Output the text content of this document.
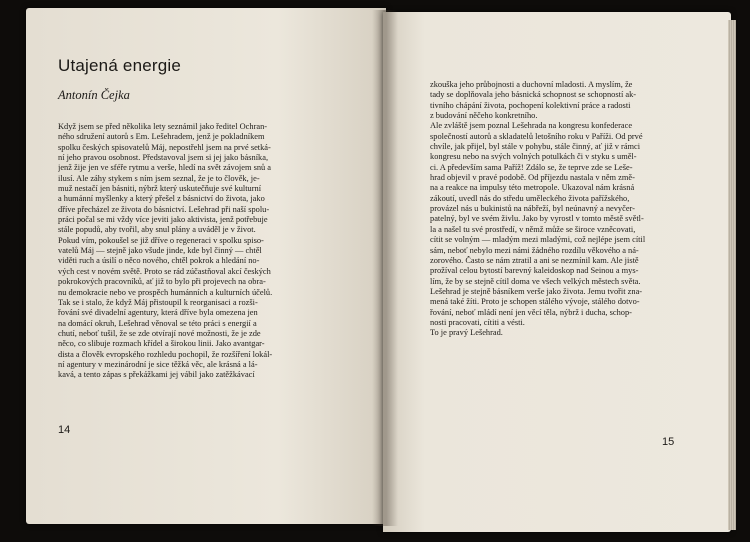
Utajená energie
Antonín Čejka
Když jsem se před několika lety seznámil jako ředitel Ochran-
ného sdružení autorů s Em. Lešehradem, jenž je pokladníkem
spolku českých spisovatelů Máj, nepostřehl jsem na prvé setká-
ní jeho pravou osobnost. Představoval jsem si jej jako básníka,
jenž žije jen ve sféře rytmu a verše, hledí na svět závojem snů a
ilusí. Ale záhy stykem s ním jsem seznal, že je to člověk, je-
muž nestačí jen básniti, nýbrž který uskutečňuje své kulturní
a humánní myšlenky a který přešel z básnictví do života, jako
dříve přecházel ze života do básnictví. Lešehrad při naší spolu-
práci počal se mi vždy více jeviti jako aktivista, jenž potřebuje
stále popudů, aby tvořil, aby snul plány a uváděl je v život.
Pokud vím, pokoušel se již dříve o regeneraci v spolku spiso-
vatelů Máj — stejně jako všude jinde, kde byl činný — chtěl
viděti ruch a úsilí o něco nového, chtěl pokrok a hledání no-
vých cest v novém světě. Proto se rád zúčastňoval akcí českých
pokrokových pracovníků, ať již to bylo při projevech na obra-
nu demokracie nebo ve prospěch humánních a kulturních účelů.
Tak se i stalo, že když Máj přistoupil k reorganisaci a rozši-
řování své divadelní agentury, která dříve byla omezena jen
na domácí okruh, Lešehrad věnoval se této práci s energií a
chutí, neboť tušil, že se zde otvírají nové možnosti, že je zde
něco, co slibuje rozmach křídel a širokou linii. Jako avantgar-
dista a člověk evropského rozhledu pochopil, že rozšíření lokál-
ní agentury v mezinárodní je sice těžká věc, ale krásná a lá-
kavá, a tento zápas s překážkami jej vábil jako zatěžkávací
14
zkouška jeho průbojnosti a duchovní mladosti. A myslím, že
tady se doplňovala jeho básnická schopnost se schopností ak-
tivního chápání života, pochopení kolektivní práce a radosti
z budování něčeho konkretního.
Ale zvláště jsem poznal Lešehrada na kongresu konfederace
společností autorů a skladatelů letošního roku v Paříži. Od prvé
chvíle, jak přijel, byl stále v pohybu, stále činný, ať již v rámci
kongresu nebo na svých volných potulkách či v styku s uměl-
ci. A především sama Paříž! Zdálo se, že teprve zde se Leše-
hrad objevil v pravé podobě. Od příjezdu nastala v něm změ-
na a reakce na impulsy této metropole. Ukazoval nám krásná
zákoutí, uvedl nás do středu uměleckého života pařížského,
provázel nás u bukinistů na nábřeží, byl neúnavný a nevyčer-
patelný, byl ve svém živlu. Jako by vyrostl v tomto městě světl-
la a našel tu své prostředí, v němž může se široce vzněcovati,
cítit se volným — mladým mezi mladými, což nejlépe jsem cítil
sám, neboť nebylo mezi námi žádného rozdílu věkového a ná-
zorového. Často se nám ztratil a ani se nezmínil kam. Ale jistě
prožíval celou bytostí barevný kaleidoskop nad Seinou a mys-
lím, že by se stejně cítil doma ve všech velkých městech světa.
Lešehrad je stejně básníkem verše jako života. Jemu tvořit zna-
mená také žíti. Proto je schopen stálého vývoje, stálého dotvo-
řování, neboť mládí není jen věcí těla, nýbrž i ducha, schop-
nosti pracovati, cítiti a vésti.
To je pravý Lešehrad.
15
